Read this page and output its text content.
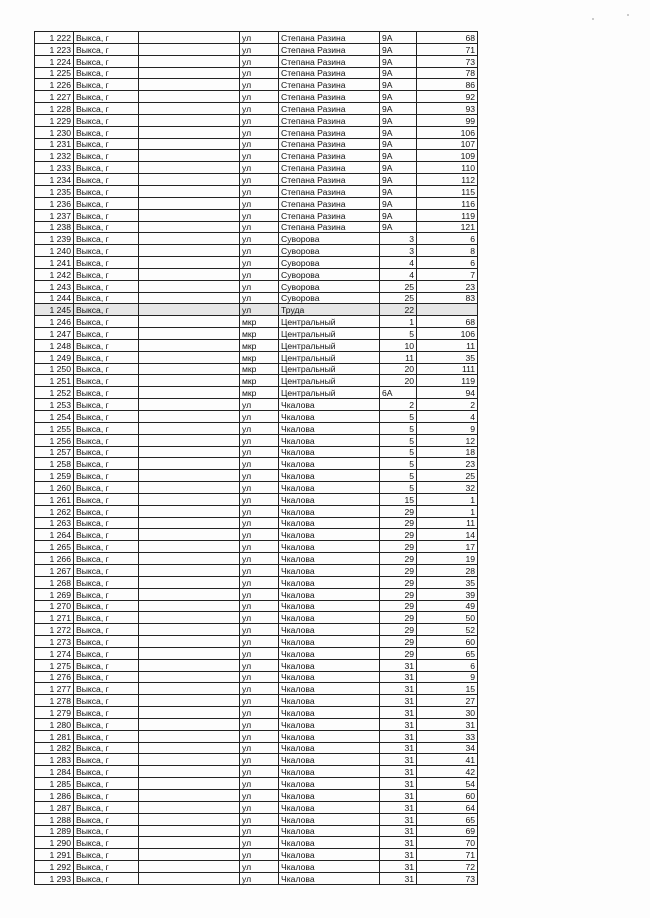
1 222	Выкса, г		ул	Степана Разина	9А	68
1 223	Выкса, г		ул	Степана Разина	9А	71
1 224	Выкса, г		ул	Степана Разина	9А	73
1 225	Выкса, г		ул	Степана Разина	9А	78
1 226	Выкса, г		ул	Степана Разина	9А	86
1 227	Выкса, г		ул	Степана Разина	9А	92
1 228	Выкса, г		ул	Степана Разина	9А	93
1 229	Выкса, г		ул	Степана Разина	9А	99
1 230	Выкса, г		ул	Степана Разина	9А	106
1 231	Выкса, г		ул	Степана Разина	9А	107
1 232	Выкса, г		ул	Степана Разина	9А	109
1 233	Выкса, г		ул	Степана Разина	9А	110
1 234	Выкса, г		ул	Степана Разина	9А	112
1 235	Выкса, г		ул	Степана Разина	9А	115
1 236	Выкса, г		ул	Степана Разина	9А	116
1 237	Выкса, г		ул	Степана Разина	9А	119
1 238	Выкса, г		ул	Степана Разина	9А	121
1 239	Выкса, г		ул	Суворова	3	6
1 240	Выкса, г		ул	Суворова	3	8
1 241	Выкса, г		ул	Суворова	4	6
1 242	Выкса, г		ул	Суворова	4	7
1 243	Выкса, г		ул	Суворова	25	23
1 244	Выкса, г		ул	Суворова	25	83
1 245	Выкса, г		ул	Труда	22	
1 246	Выкса, г		мкр	Центральный	1	68
1 247	Выкса, г		мкр	Центральный	5	106
1 248	Выкса, г		мкр	Центральный	10	11
1 249	Выкса, г		мкр	Центральный	11	35
1 250	Выкса, г		мкр	Центральный	20	111
1 251	Выкса, г		мкр	Центральный	20	119
1 252	Выкса, г		мкр	Центральный	6А	94
1 253	Выкса, г		ул	Чкалова	2	2
1 254	Выкса, г		ул	Чкалова	5	4
1 255	Выкса, г		ул	Чкалова	5	9
1 256	Выкса, г		ул	Чкалова	5	12
1 257	Выкса, г		ул	Чкалова	5	18
1 258	Выкса, г		ул	Чкалова	5	23
1 259	Выкса, г		ул	Чкалова	5	25
1 260	Выкса, г		ул	Чкалова	5	32
1 261	Выкса, г		ул	Чкалова	15	1
1 262	Выкса, г		ул	Чкалова	29	1
1 263	Выкса, г		ул	Чкалова	29	11
1 264	Выкса, г		ул	Чкалова	29	14
1 265	Выкса, г		ул	Чкалова	29	17
1 266	Выкса, г		ул	Чкалова	29	19
1 267	Выкса, г		ул	Чкалова	29	28
1 268	Выкса, г		ул	Чкалова	29	35
1 269	Выкса, г		ул	Чкалова	29	39
1 270	Выкса, г		ул	Чкалова	29	49
1 271	Выкса, г		ул	Чкалова	29	50
1 272	Выкса, г		ул	Чкалова	29	52
1 273	Выкса, г		ул	Чкалова	29	60
1 274	Выкса, г		ул	Чкалова	29	65
1 275	Выкса, г		ул	Чкалова	31	6
1 276	Выкса, г		ул	Чкалова	31	9
1 277	Выкса, г		ул	Чкалова	31	15
1 278	Выкса, г		ул	Чкалова	31	27
1 279	Выкса, г		ул	Чкалова	31	30
1 280	Выкса, г		ул	Чкалова	31	31
1 281	Выкса, г		ул	Чкалова	31	33
1 282	Выкса, г		ул	Чкалова	31	34
1 283	Выкса, г		ул	Чкалова	31	41
1 284	Выкса, г		ул	Чкалова	31	42
1 285	Выкса, г		ул	Чкалова	31	54
1 286	Выкса, г		ул	Чкалова	31	60
1 287	Выкса, г		ул	Чкалова	31	64
1 288	Выкса, г		ул	Чкалова	31	65
1 289	Выкса, г		ул	Чкалова	31	69
1 290	Выкса, г		ул	Чкалова	31	70
1 291	Выкса, г		ул	Чкалова	31	71
1 292	Выкса, г		ул	Чкалова	31	72
1 293	Выкса, г		ул	Чкалова	31	73
